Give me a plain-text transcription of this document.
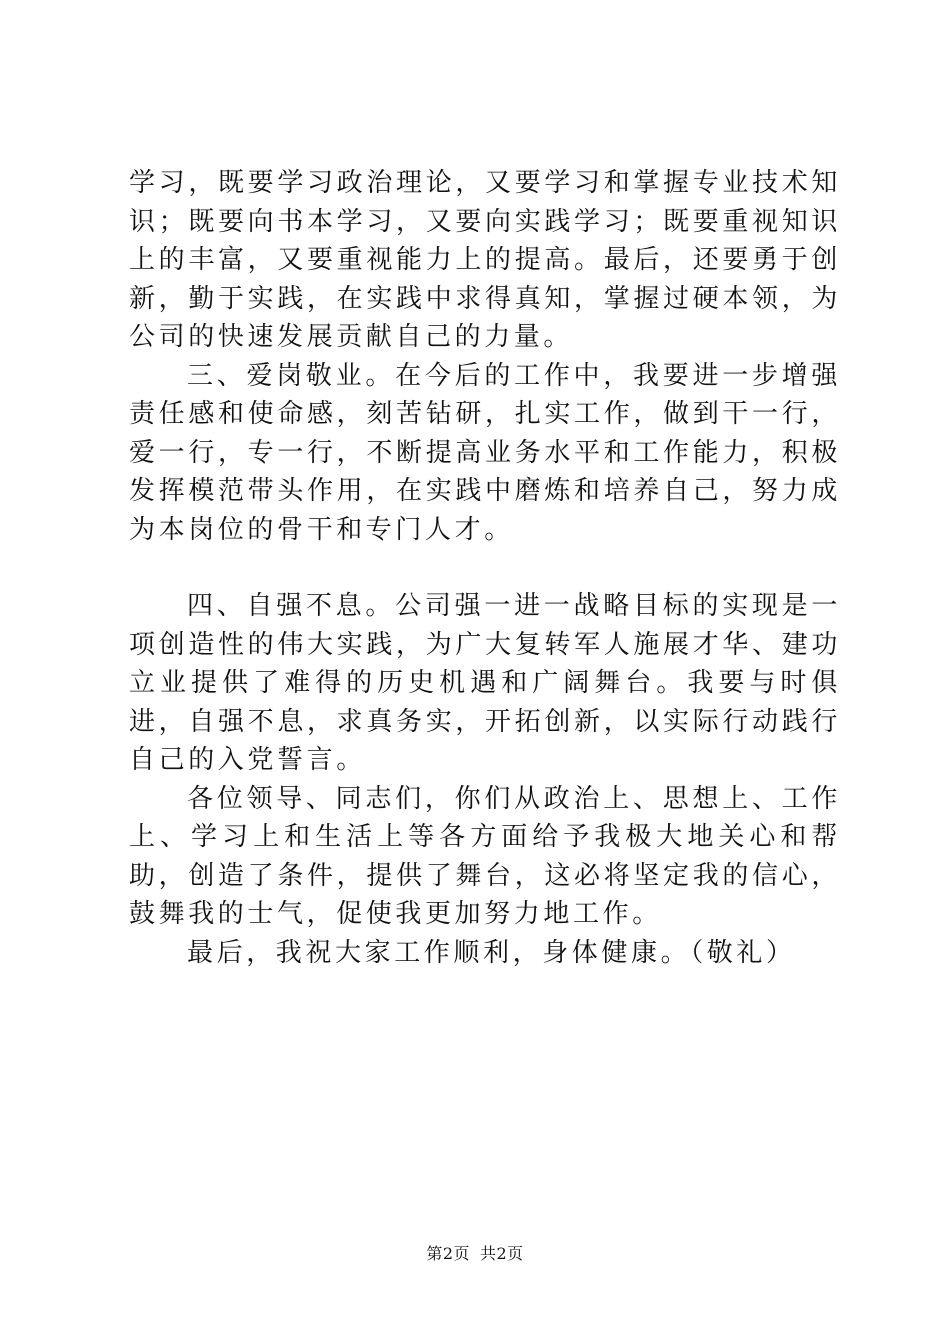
学习，既要学习政治理论，又要学习和掌握专业技术知识；既要向书本学习，又要向实践学习；既要重视知识上的丰富，又要重视能力上的提高。最后，还要勇于创新，勤于实践，在实践中求得真知，掌握过硬本领，为公司的快速发展贡献自己的力量。

三、爱岗敬业。在今后的工作中，我要进一步增强责任感和使命感，刻苦钻研，扎实工作，做到干一行，爱一行，专一行，不断提高业务水平和工作能力，积极发挥模范带头作用，在实践中磨炼和培养自己，努力成为本岗位的骨干和专门人才。

四、自强不息。公司强一进一战略目标的实现是一项创造性的伟大实践，为广大复转军人施展才华、建功立业提供了难得的历史机遇和广阔舞台。我要与时俱进，自强不息，求真务实，开拓创新，以实际行动践行自己的入党誓言。

各位领导、同志们，你们从政治上、思想上、工作上、学习上和生活上等各方面给予我极大地关心和帮助，创造了条件，提供了舞台，这必将坚定我的信心，鼓舞我的士气，促使我更加努力地工作。

最后，我祝大家工作顺利，身体健康。（敬礼）

第2页 共2页
